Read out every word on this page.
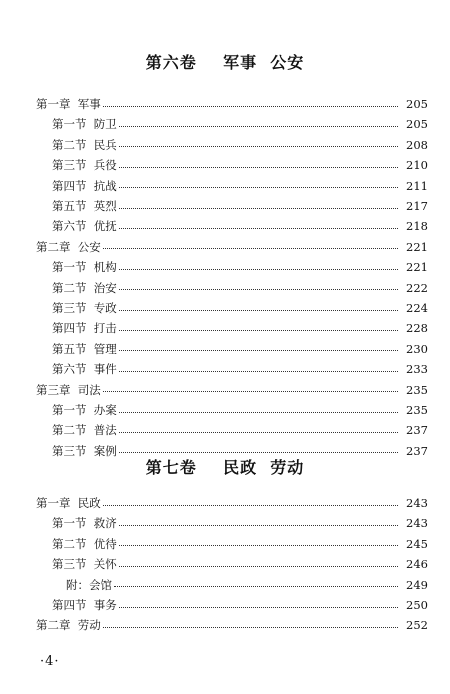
第六卷    军事  公安
第一章  军事	205
第一节  防卫	205
第二节  民兵	208
第三节  兵役	210
第四节  抗战	211
第五节  英烈	217
第六节  优抚	218
第二章  公安	221
第一节  机构	221
第二节  治安	222
第三节  专政	224
第四节  打击	228
第五节  管理	230
第六节  事件	233
第三章  司法	235
第一节  办案	235
第二节  普法	237
第三节  案例	237
第七卷    民政  劳动
第一章  民政	243
第一节  救济	243
第二节  优待	245
第三节  关怀	246
附：会馆	249
第四节  事务	250
第二章  劳动	252
·4·
